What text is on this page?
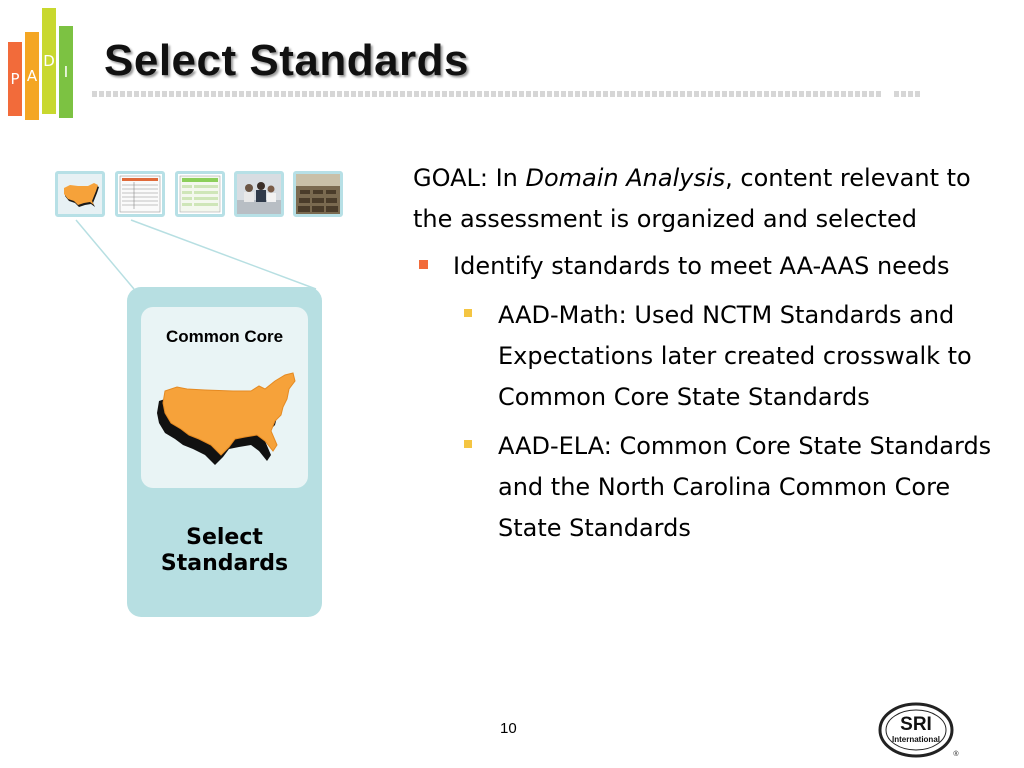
P A
D
I Select Standards
Common Core
Select
Standards

GOAL: In Domain Analysis, content relevant to the assessment is organized and selected

Identify standards to meet AA-AAS needs
AAD-Math: Used NCTM Standards and Expectations later created crosswalk to Common Core State Standards
AAD-ELA: Common Core State Standards and the North Carolina Common Core State Standards
10	SRI
International
®
